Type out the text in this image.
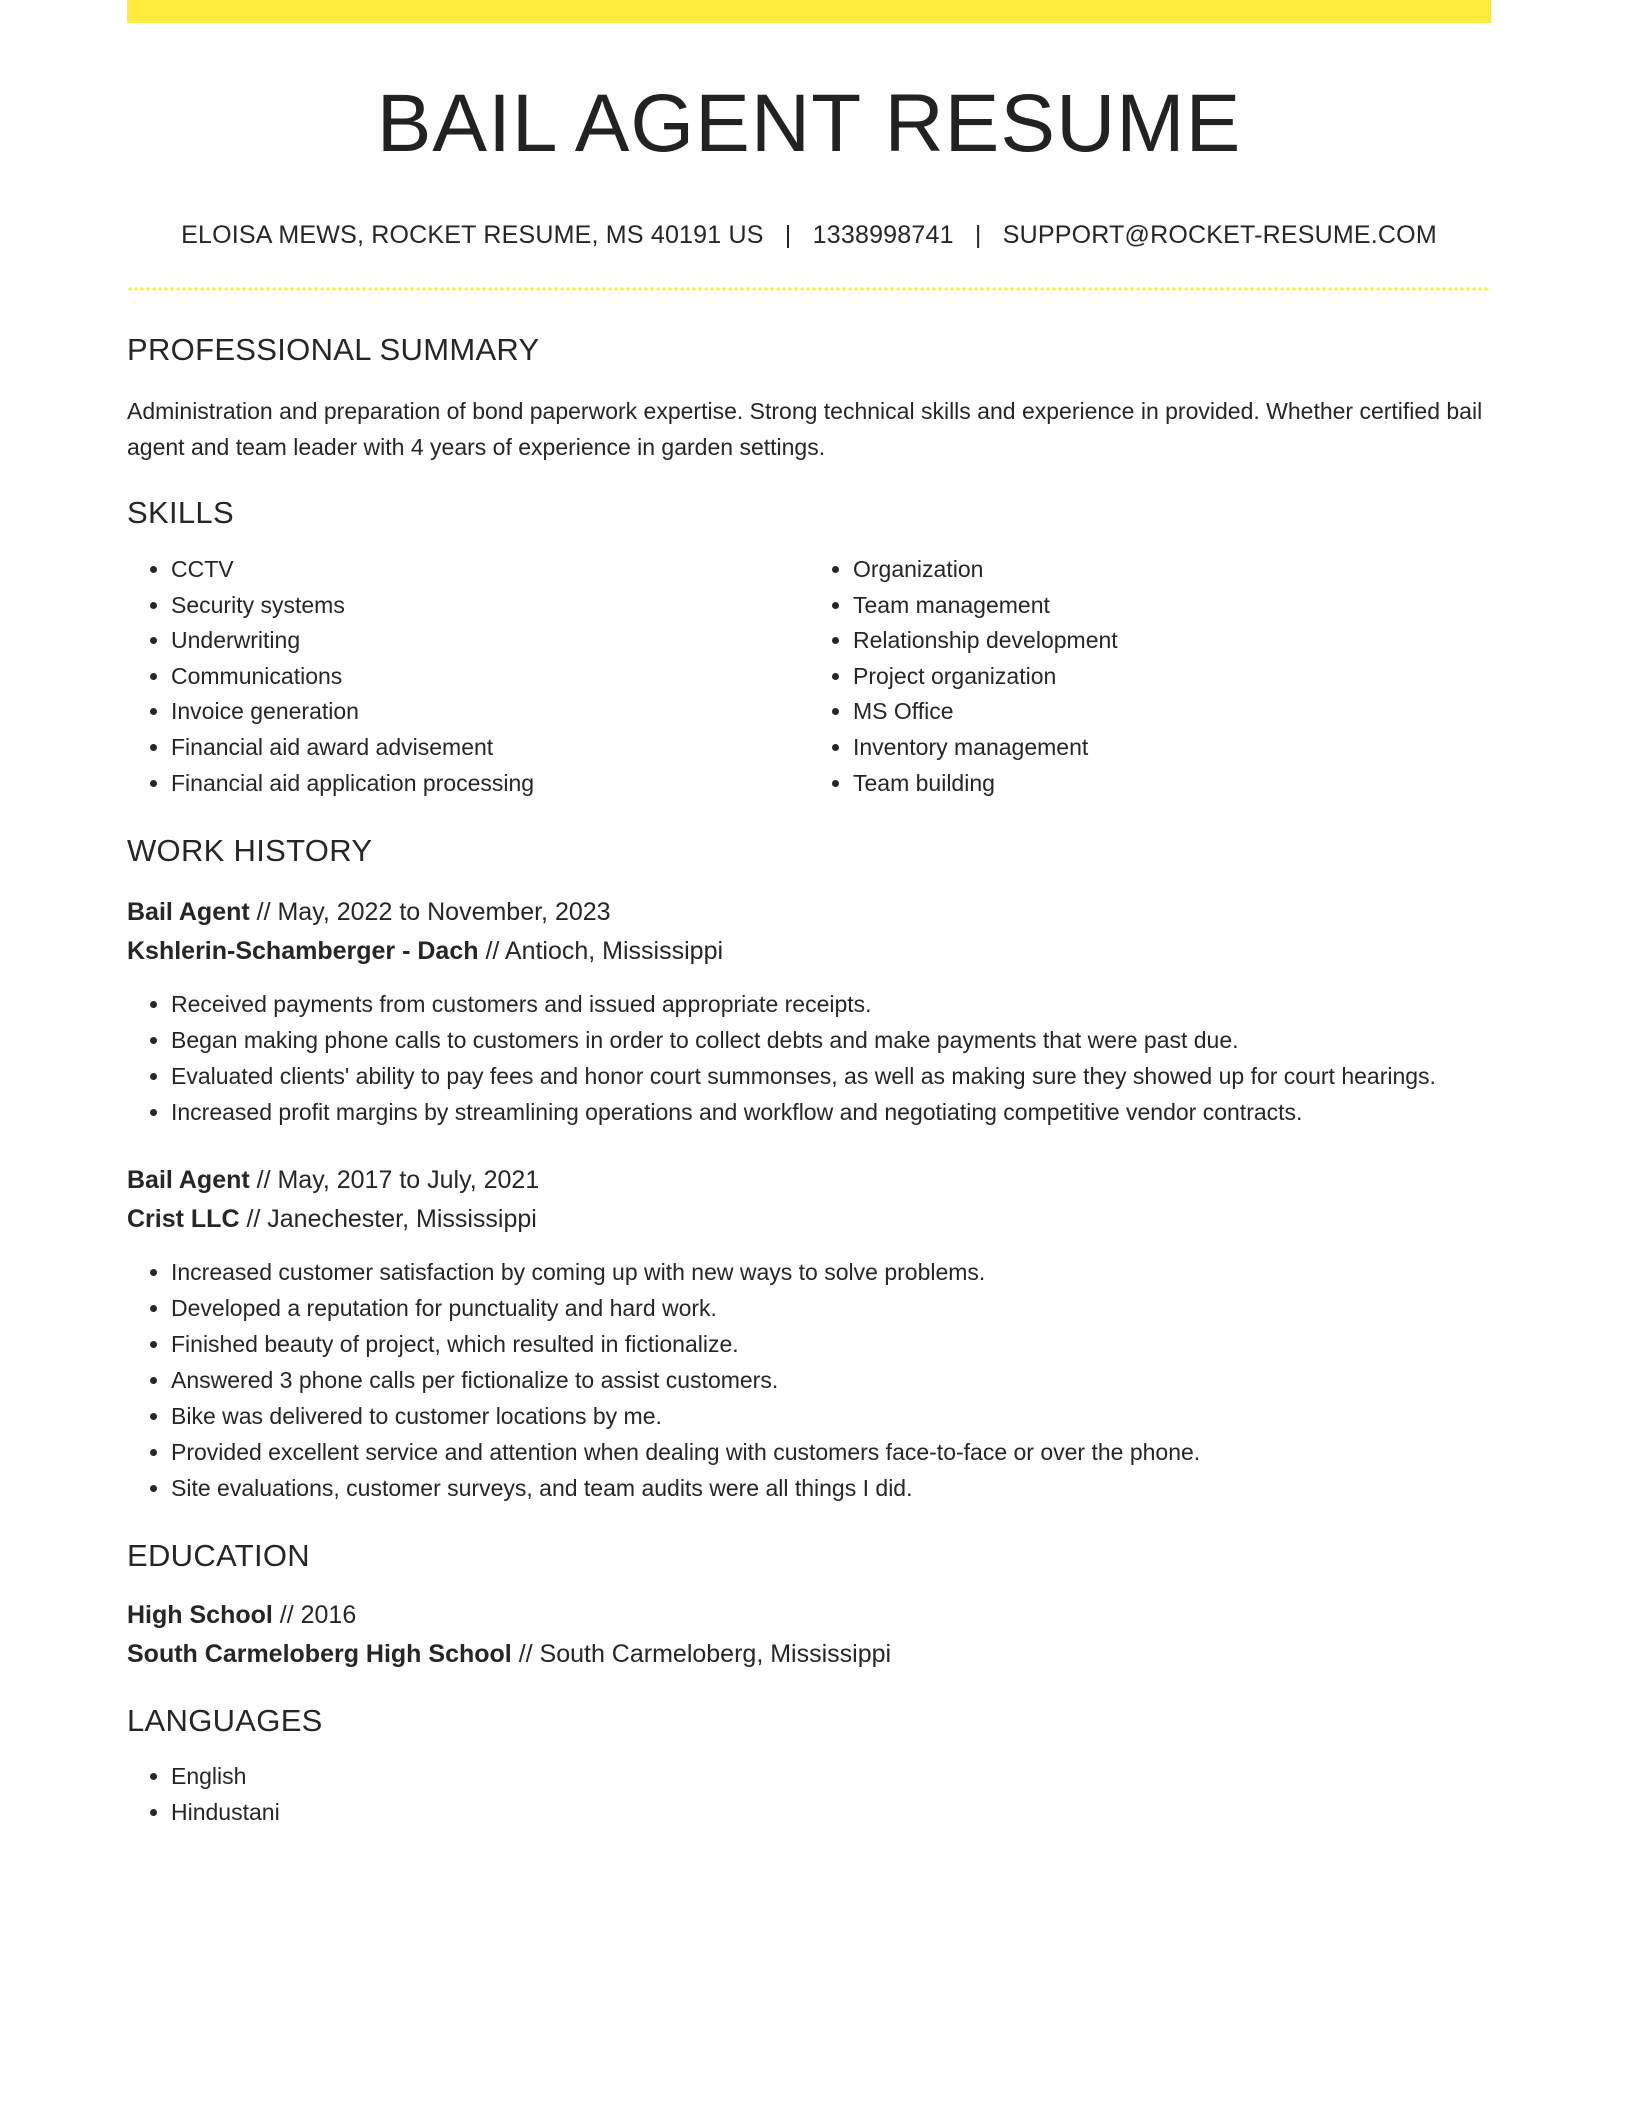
BAIL AGENT RESUME
ELOISA MEWS, ROCKET RESUME, MS 40191 US | 1338998741 | SUPPORT@ROCKET-RESUME.COM
PROFESSIONAL SUMMARY
Administration and preparation of bond paperwork expertise. Strong technical skills and experience in provided. Whether certified bail agent and team leader with 4 years of experience in garden settings.
SKILLS
• CCTV
• Security systems
• Underwriting
• Communications
• Invoice generation
• Financial aid award advisement
• Financial aid application processing
• Organization
• Team management
• Relationship development
• Project organization
• MS Office
• Inventory management
• Team building
WORK HISTORY
Bail Agent // May, 2022 to November, 2023
Kshlerin-Schamberger - Dach // Antioch, Mississippi
• Received payments from customers and issued appropriate receipts.
• Began making phone calls to customers in order to collect debts and make payments that were past due.
• Evaluated clients' ability to pay fees and honor court summonses, as well as making sure they showed up for court hearings.
• Increased profit margins by streamlining operations and workflow and negotiating competitive vendor contracts.
Bail Agent // May, 2017 to July, 2021
Crist LLC // Janechester, Mississippi
• Increased customer satisfaction by coming up with new ways to solve problems.
• Developed a reputation for punctuality and hard work.
• Finished beauty of project, which resulted in fictionalize.
• Answered 3 phone calls per fictionalize to assist customers.
• Bike was delivered to customer locations by me.
• Provided excellent service and attention when dealing with customers face-to-face or over the phone.
• Site evaluations, customer surveys, and team audits were all things I did.
EDUCATION
High School // 2016
South Carmeloberg High School // South Carmeloberg, Mississippi
LANGUAGES
• English
• Hindustani
